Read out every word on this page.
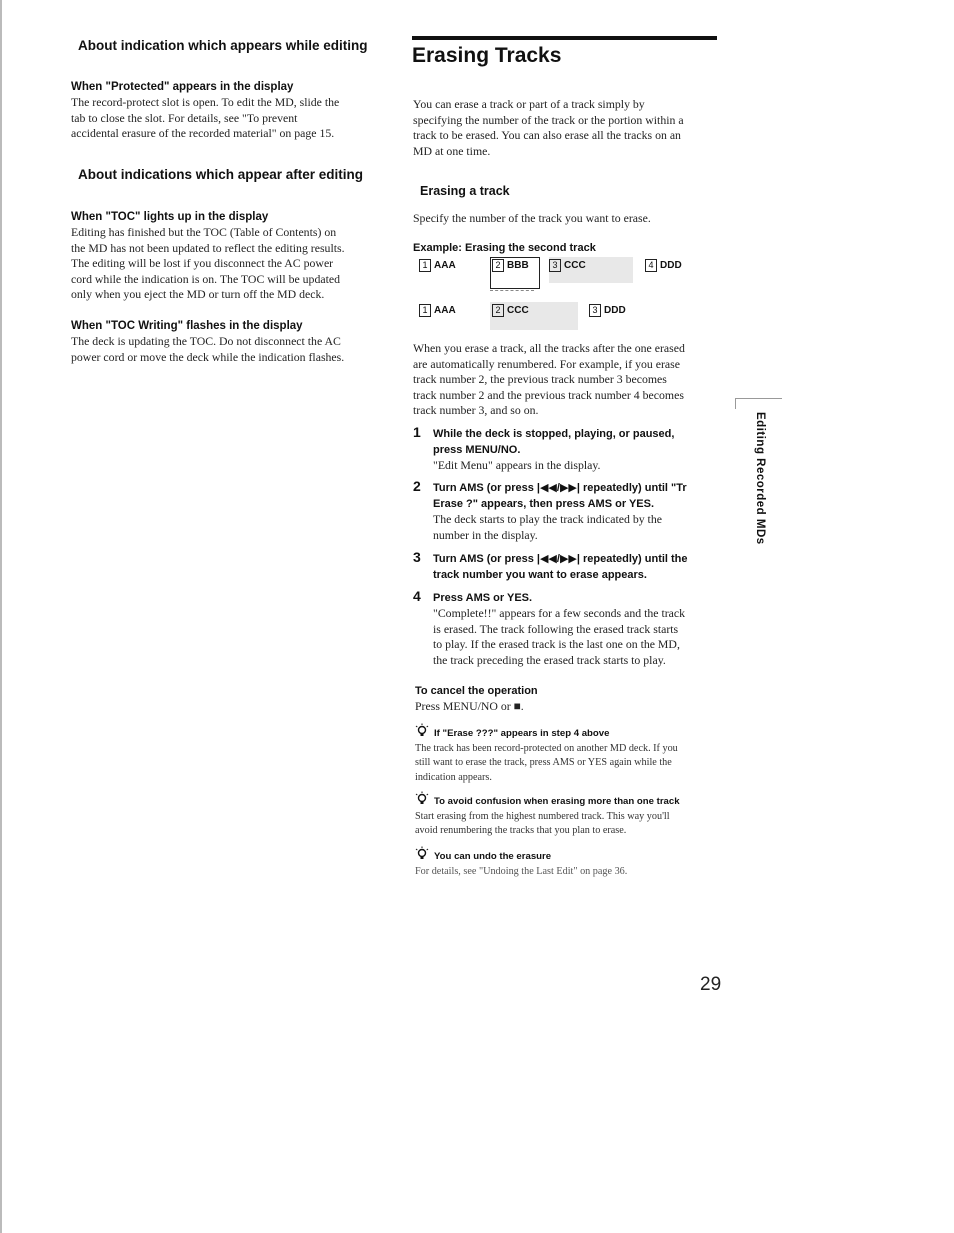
About indication which appears while editing
When "Protected" appears in the display

The record-protect slot is open. To edit the MD, slide the

tab to close the slot. For details, see "To prevent

accidental erasure of the recorded material" on page 15.

About indications which appear after editing
When "TOC" lights up in the display

Editing has finished but the TOC (Table of Contents) on

the MD has not been updated to reflect the editing results.

The editing will be lost if you disconnect the AC power

cord while the indication is on. The TOC will be updated

only when you eject the MD or turn off the MD deck.

When "TOC Writing" flashes in the display

The deck is updating the TOC. Do not disconnect the AC

power cord or move the deck while the indication flashes.

Erasing Tracks

You can erase a track or part of a track simply by

specifying the number of the track or the portion within a

track to be erased. You can also erase all the tracks on an

MD at one time.

Erasing a track
Specify the number of the track you want to erase.
Example: Erasing the second track
1 AAA	2 BBB	3 CCC	4 DDD
1 AAA	2 CCC	3 DDD

When you erase a track, all the tracks after the one erased

are automatically renumbered. For example, if you erase

track number 2, the previous track number 3 becomes

track number 2 and the previous track number 4 becomes

track number 3, and so on.

1 While the deck is stopped, playing, or paused,
press MENU/NO.
"Edit Menu" appears in the display.
2 Turn AMS (or press |◀◀/▶▶| repeatedly) until "Tr
Erase ?" appears, then press AMS or YES.
The deck starts to play the track indicated by the
number in the display.
3 Turn AMS (or press |◀◀/▶▶| repeatedly) until the
track number you want to erase appears.
4 Press AMS or YES.
"Complete!!" appears for a few seconds and the track
is erased. The track following the erased track starts
to play. If the erased track is the last one on the MD,
the track preceding the erased track starts to play.
To cancel the operation
Press MENU/NO or ■.
If "Erase ???" appears in step 4 above

The track has been record-protected on another MD deck. If you

still want to erase the track, press AMS or YES again while the

indication appears.

To avoid confusion when erasing more than one track

Start erasing from the highest numbered track. This way you'll

avoid renumbering the tracks that you plan to erase.

You can undo the erasure

For details, see "Undoing the Last Edit" on page 36.

Editing Recorded MDs
29
